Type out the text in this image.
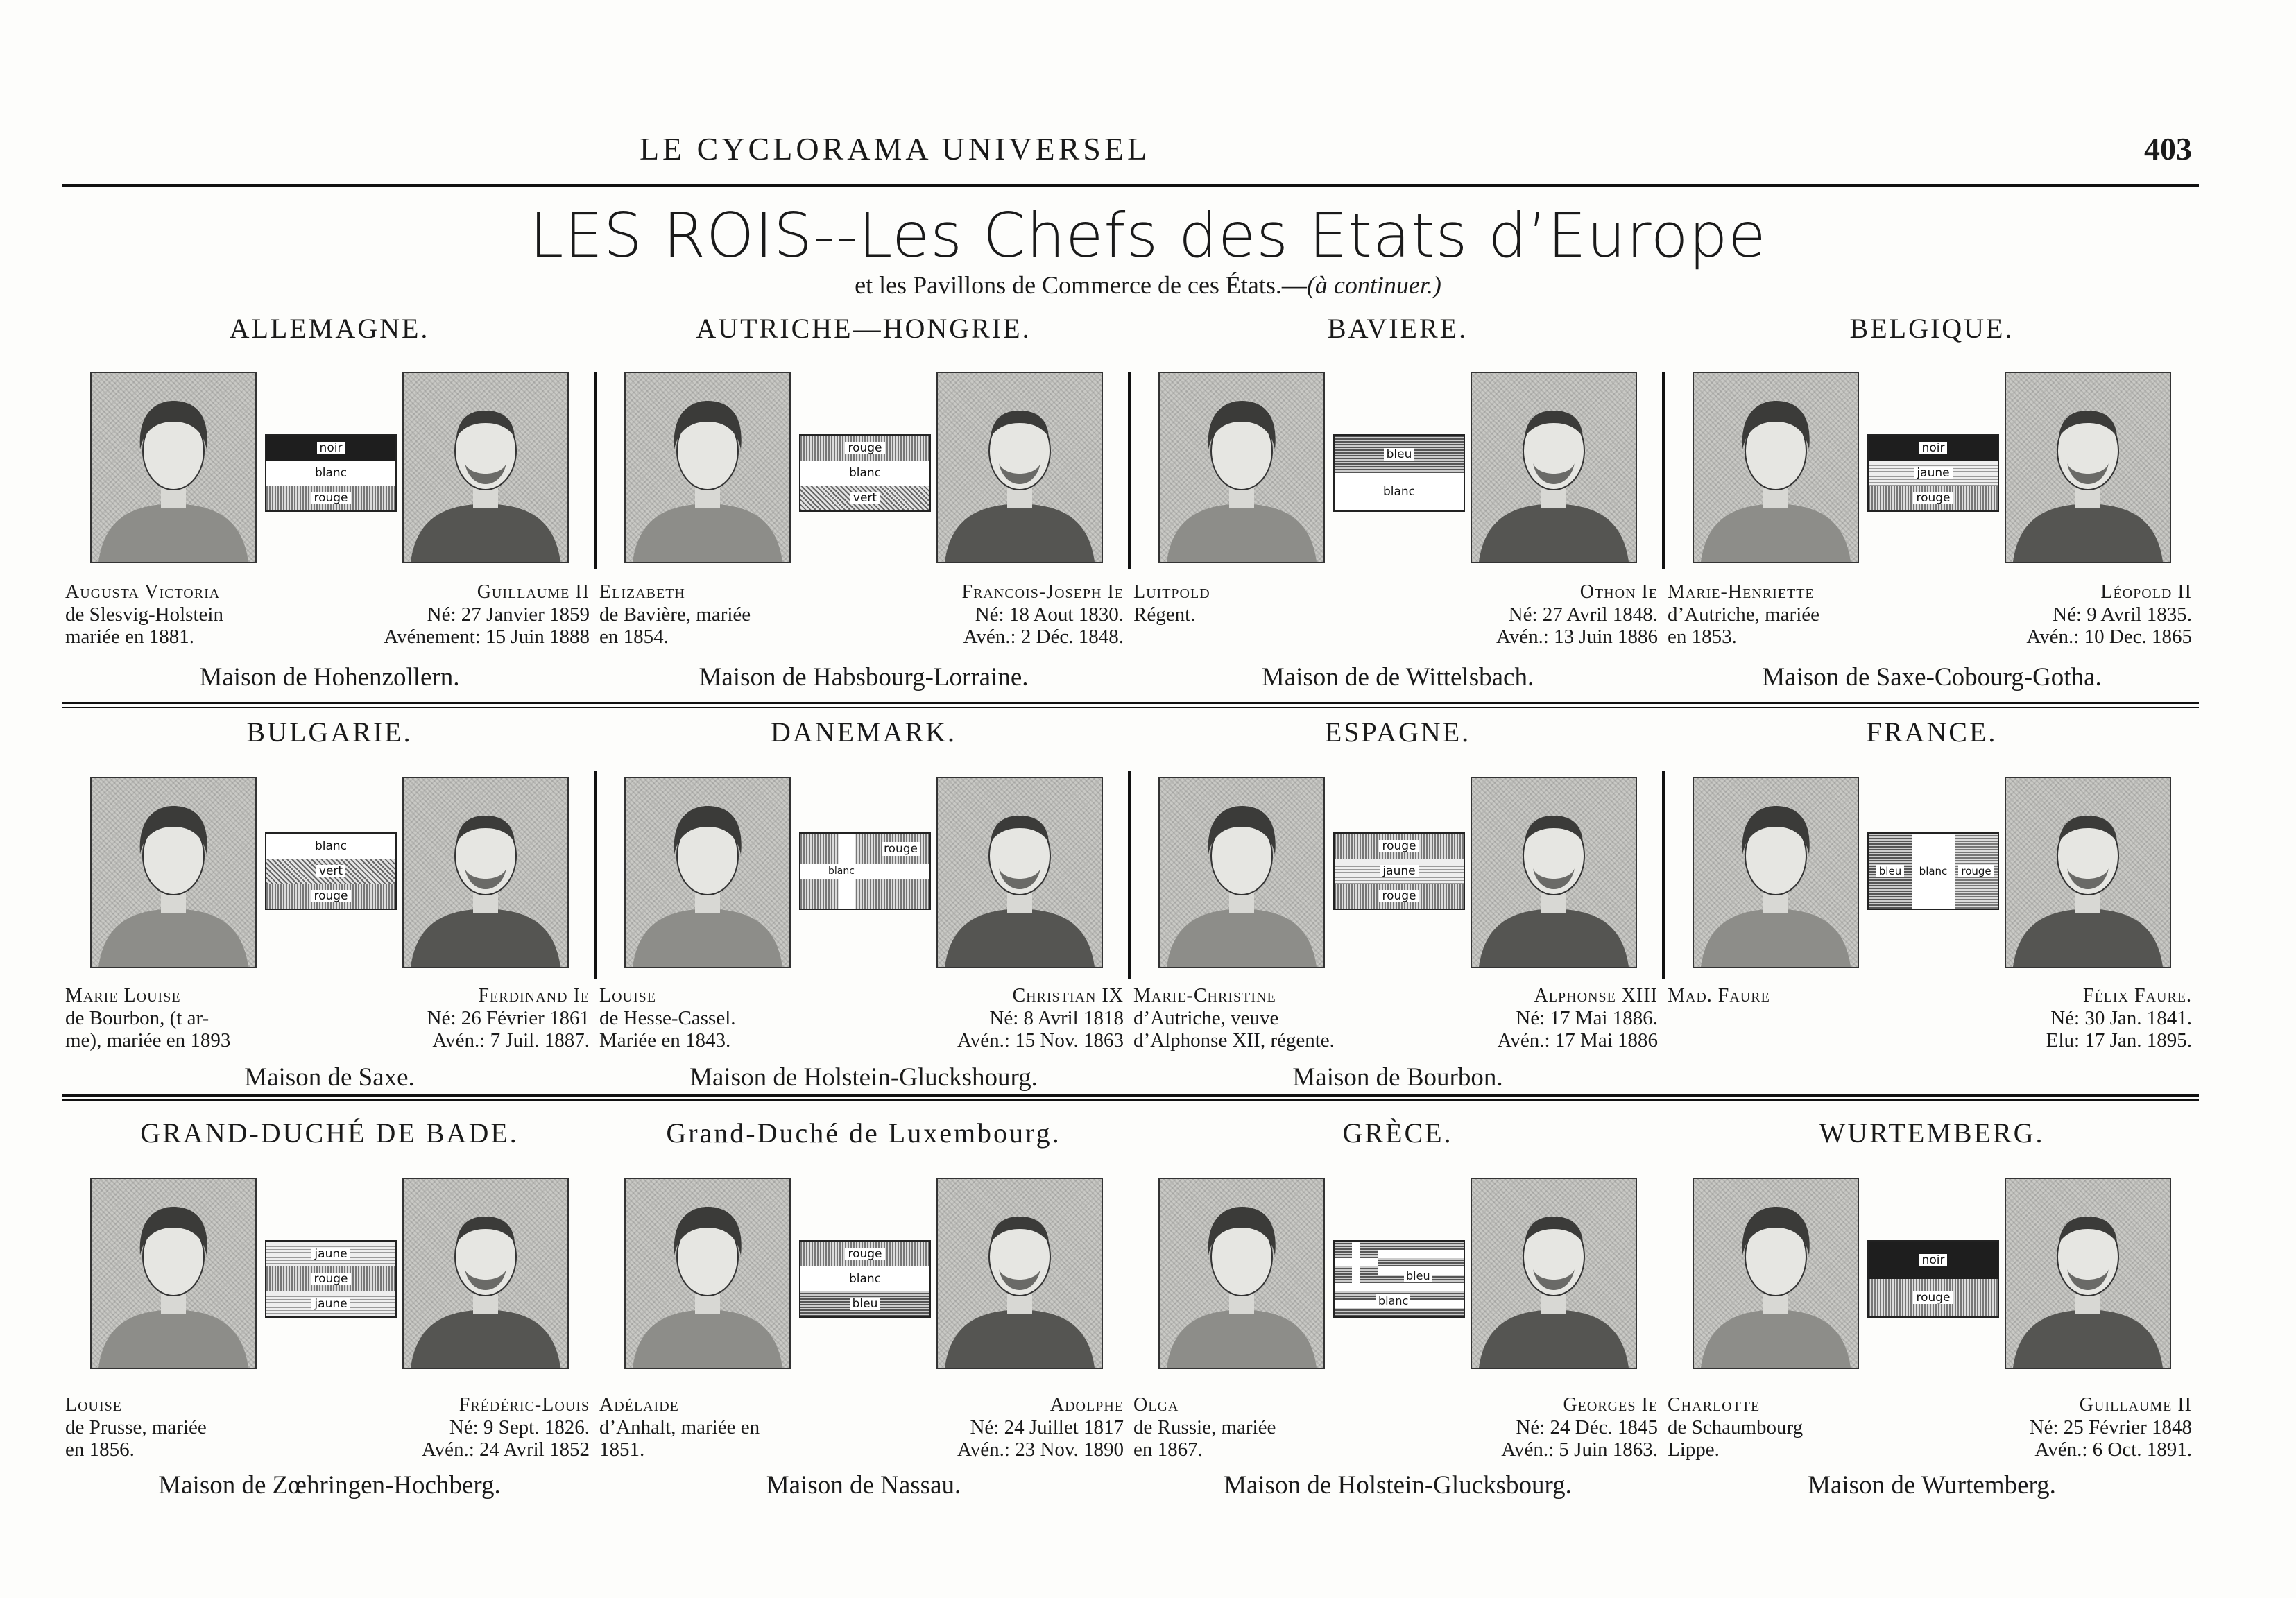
LE CYCLORAMA UNIVERSEL	403
LES ROIS--Les Chefs des Etats d’Europe
et les Pavillons de Commerce de ces États.—(à continuer.)
ALLEMAGNE.
noir
blanc
rouge
Augusta Victoria
de Slesvig-Holstein
mariée en 1881.
Guillaume II
Né: 27 Janvier 1859
Avénement: 15 Juin 1888
Maison de Hohenzollern.
AUTRICHE—HONGRIE.
rouge
blanc
vert
Elizabeth
de Bavière, mariée
en 1854.
Francois-Joseph Ie
Né: 18 Aout 1830.
Avén.: 2 Déc. 1848.
Maison de Habsbourg-Lorraine.
BAVIERE.
bleu
blanc
Luitpold
Régent.
Othon Ie
Né: 27 Avril 1848.
Avén.: 13 Juin 1886
Maison de de Wittelsbach.
BELGIQUE.
noir
jaune
rouge
Marie-Henriette
d’Autriche, mariée
en 1853.
Léopold II
Né: 9 Avril 1835.
Avén.: 10 Dec. 1865
Maison de Saxe-Cobourg-Gotha.
BULGARIE.
blanc
vert
rouge
Marie Louise
de Bourbon, (t ar-
me), mariée en 1893
Ferdinand Ie
Né: 26 Février 1861
Avén.: 7 Juil. 1887.
Maison de Saxe.
DANEMARK.
rouge
blanc
Louise
de Hesse-Cassel.
Mariée en 1843.
Christian IX
Né: 8 Avril 1818
Avén.: 15 Nov. 1863
Maison de Holstein-Gluckshourg.
ESPAGNE.
rouge
jaune
rouge
Marie-Christine
d’Autriche, veuve
d’Alphonse XII, régente.
Alphonse XIII
Né: 17 Mai 1886.
Avén.: 17 Mai 1886
Maison de Bourbon.
FRANCE.
bleu blanc rouge
Mad. Faure	Félix Faure.
Né: 30 Jan. 1841.
Elu: 17 Jan. 1895.
GRAND-DUCHÉ DE BADE.
jaune
rouge
jaune
Louise
de Prusse, mariée
en 1856.
Frédéric-Louis
Né: 9 Sept. 1826.
Avén.: 24 Avril 1852
Maison de Zœhringen-Hochberg.
Grand-Duché de Luxembourg.
rouge
blanc
bleu
Adélaide
d’Anhalt, mariée en
1851.
Adolphe
Né: 24 Juillet 1817
Avén.: 23 Nov. 1890
Maison de Nassau.
GRÈCE.
bleu
blanc
Olga
de Russie, mariée
en 1867.
Georges Ie
Né: 24 Déc. 1845
Avén.: 5 Juin 1863.
Maison de Holstein-Glucksbourg.
WURTEMBERG.
noir
rouge
Charlotte
de Schaumbourg
Lippe.
Guillaume II
Né: 25 Février 1848
Avén.: 6 Oct. 1891.
Maison de Wurtemberg.
